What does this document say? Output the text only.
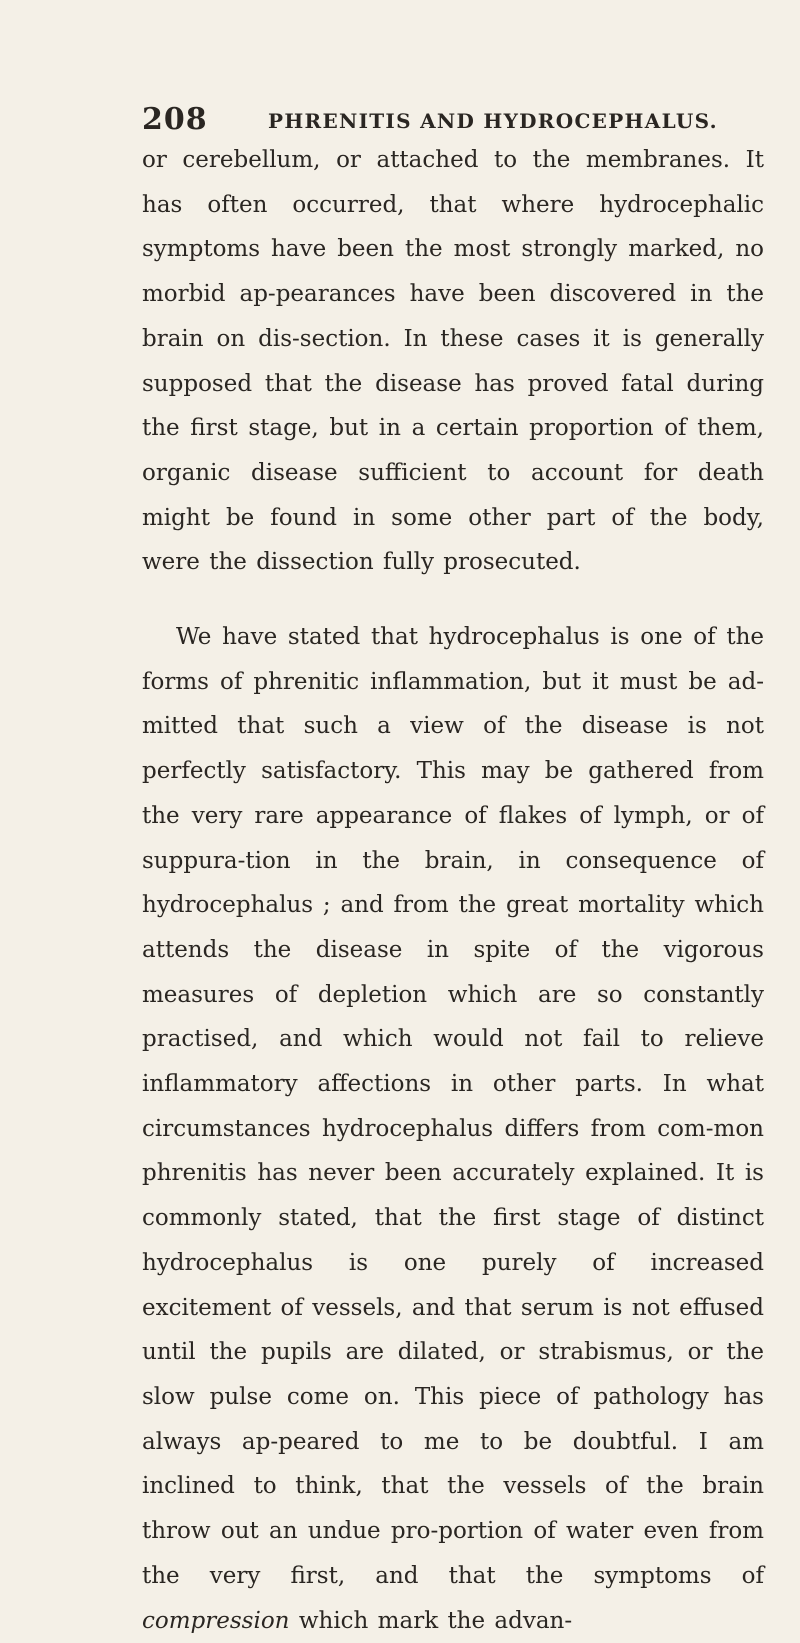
208	PHRENITIS AND HYDROCEPHALUS.

or cerebellum, or attached to the membranes. It has often occurred, that where hydrocephalic symptoms have been the most strongly marked, no morbid ap-pearances have been discovered in the brain on dis-section. In these cases it is generally supposed that the disease has proved fatal during the first stage, but in a certain proportion of them, organic disease sufficient to account for death might be found in some other part of the body, were the dissection fully prosecuted.

We have stated that hydrocephalus is one of the forms of phrenitic inflammation, but it must be ad-mitted that such a view of the disease is not perfectly satisfactory. This may be gathered from the very rare appearance of flakes of lymph, or of suppura-tion in the brain, in consequence of hydrocephalus ; and from the great mortality which attends the disease in spite of the vigorous measures of depletion which are so constantly practised, and which would not fail to relieve inflammatory affections in other parts. In what circumstances hydrocephalus differs from com-mon phrenitis has never been accurately explained. It is commonly stated, that the first stage of distinct hydrocephalus is one purely of increased excitement of vessels, and that serum is not effused until the pupils are dilated, or strabismus, or the slow pulse come on. This piece of pathology has always ap-peared to me to be doubtful. I am inclined to think, that the vessels of the brain throw out an undue pro-portion of water even from the very first, and that the symptoms of compression which mark the advan-
